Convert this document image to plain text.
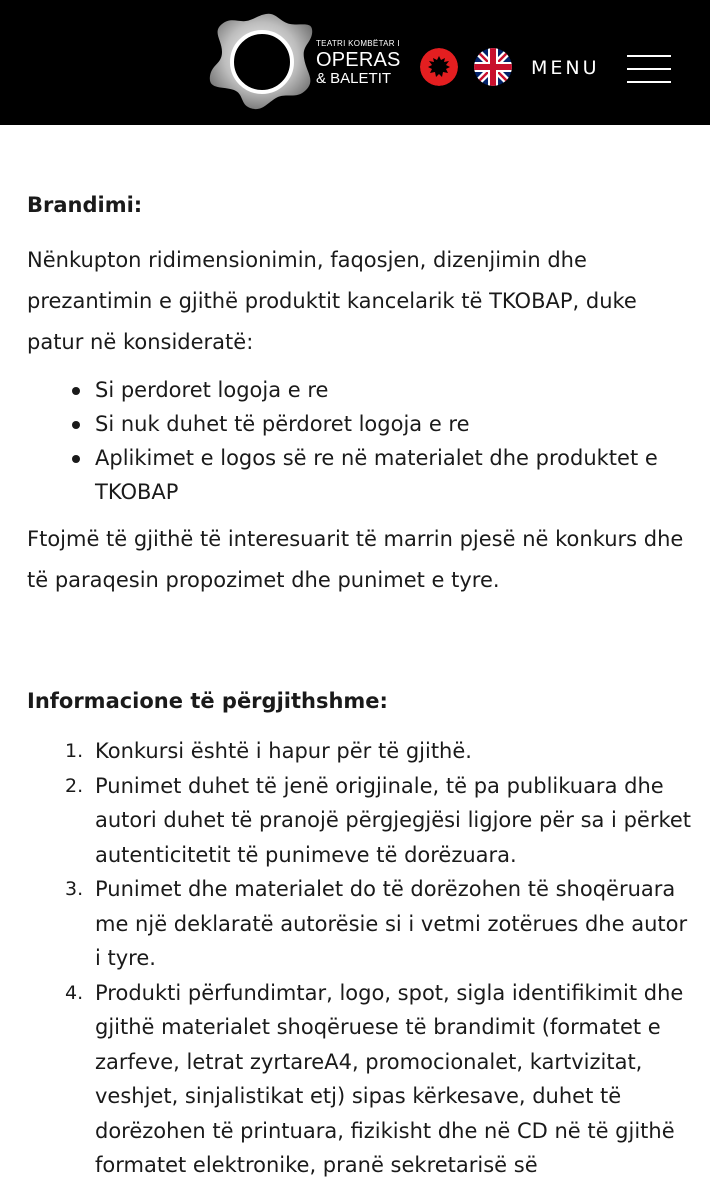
TEATRI KOMBËTAR I
OPERAS
& BALETIT	MENU

Brandimi:

Nënkupton ridimensionimin, faqosjen, dizenjimin dhe prezantimin e gjithë produktit kancelarik të TKOBAP, duke patur në konsideratë:

Si perdoret logoja e re
Si nuk duhet të përdoret logoja e re
Aplikimet e logos së re në materialet dhe produktet e TKOBAP

Ftojmë të gjithë të interesuarit të marrin pjesë në konkurs dhe të paraqesin propozimet dhe punimet e tyre.

Informacione të përgjithshme:

1. Konkursi është i hapur për të gjithë.
2. Punimet duhet të jenë origjinale, të pa publikuara dhe autori duhet të pranojë përgjegjësi ligjore për sa i përket autenticitetit të punimeve të dorëzuara.
3. Punimet dhe materialet do të dorëzohen të shoqëruara me një deklaratë autorësie si i vetmi zotërues dhe autor i tyre.
4. Produkti përfundimtar, logo, spot, sigla identifikimit dhe gjithë materialet shoqëruese të brandimit (formatet e zarfeve, letrat zyrtareA4, promocionalet, kartvizitat, veshjet, sinjalistikat etj) sipas kërkesave, duhet të dorëzohen të printuara, fizikisht dhe në CD në të gjithë formatet elektronike, pranë sekretarisë së
